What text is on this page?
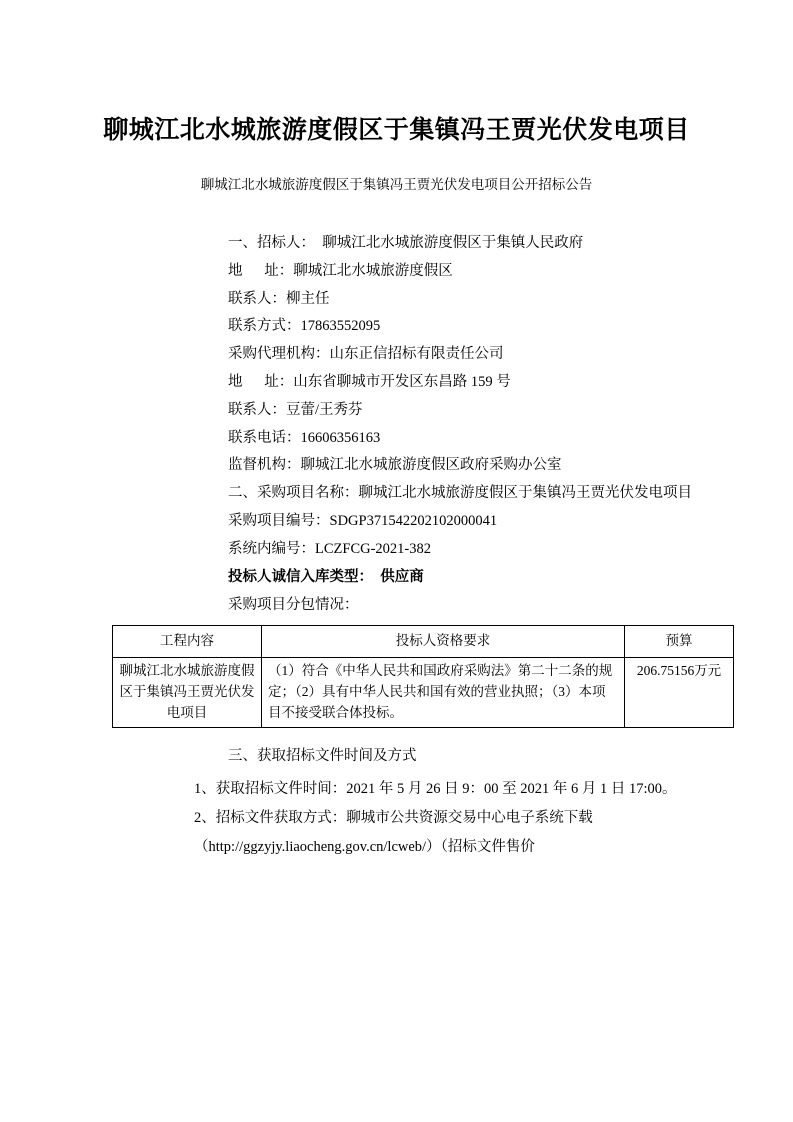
聊城江北水城旅游度假区于集镇冯王贾光伏发电项目

聊城江北水城旅游度假区于集镇冯王贾光伏发电项目公开招标公告

一、招标人：  聊城江北水城旅游度假区于集镇人民政府

地      址：聊城江北水城旅游度假区

联系人：柳主任

联系方式：17863552095

采购代理机构：山东正信招标有限责任公司

地      址：山东省聊城市开发区东昌路 159 号

联系人：豆蕾/王秀芬

联系电话：16606356163

监督机构：聊城江北水城旅游度假区政府采购办公室

二、采购项目名称：聊城江北水城旅游度假区于集镇冯王贾光伏发电项目

采购项目编号：SDGP371542202102000041

系统内编号：LCZFCG-2021-382

投标人诚信入库类型：  供应商

采购项目分包情况：

工程内容	投标人资格要求	预算
聊城江北水城旅游度假区于集镇冯王贾光伏发电项目	（1）符合《中华人民共和国政府采购法》第二十二条的规定；（2）具有中华人民共和国有效的营业执照；（3）本项目不接受联合体投标。	206.75156万元

三、获取招标文件时间及方式

1、获取招标文件时间：2021 年 5 月 26 日 9：00 至 2021 年 6 月 1 日 17:00。

2、招标文件获取方式：聊城市公共资源交易中心电子系统下载

（http://ggzyjy.liaocheng.gov.cn/lcweb/）（招标文件售价
